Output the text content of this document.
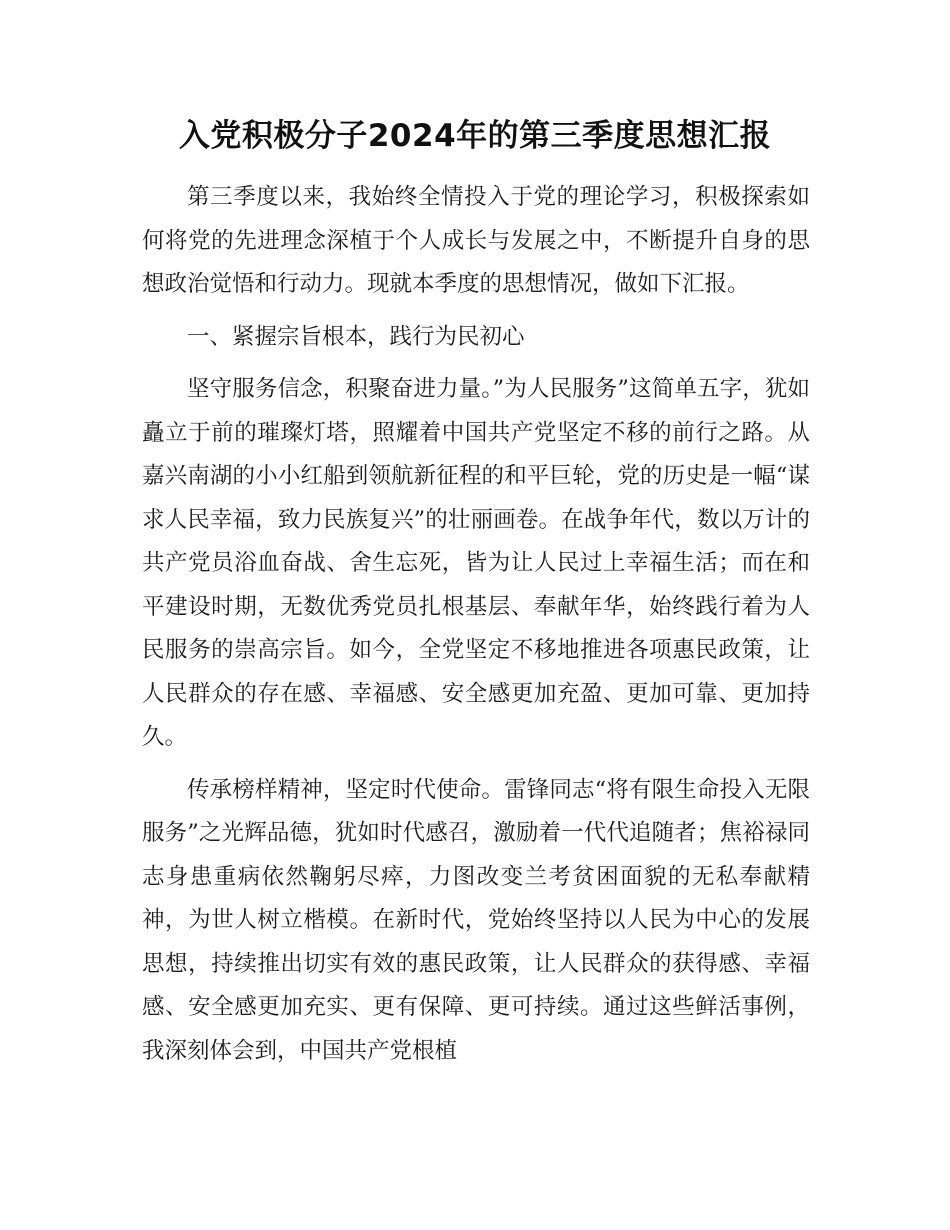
入党积极分子2024年的第三季度思想汇报

第三季度以来，我始终全情投入于党的理论学习，积极探索如何将党的先进理念深植于个人成长与发展之中，不断提升自身的思想政治觉悟和行动力。现就本季度的思想情况，做如下汇报。

一、紧握宗旨根本，践行为民初心

坚守服务信念，积聚奋进力量。”为人民服务”这简单五字，犹如矗立于前的璀璨灯塔，照耀着中国共产党坚定不移的前行之路。从嘉兴南湖的小小红船到领航新征程的和平巨轮，党的历史是一幅“谋求人民幸福，致力民族复兴”的壮丽画卷。在战争年代，数以万计的共产党员浴血奋战、舍生忘死，皆为让人民过上幸福生活；而在和平建设时期，无数优秀党员扎根基层、奉献年华，始终践行着为人民服务的崇高宗旨。如今，全党坚定不移地推进各项惠民政策，让人民群众的存在感、幸福感、安全感更加充盈、更加可靠、更加持久。

传承榜样精神，坚定时代使命。雷锋同志“将有限生命投入无限服务”之光辉品德，犹如时代感召，激励着一代代追随者；焦裕禄同志身患重病依然鞠躬尽瘁，力图改变兰考贫困面貌的无私奉献精神，为世人树立楷模。在新时代，党始终坚持以人民为中心的发展思想，持续推出切实有效的惠民政策，让人民群众的获得感、幸福感、安全感更加充实、更有保障、更可持续。通过这些鲜活事例，我深刻体会到，中国共产党根植
